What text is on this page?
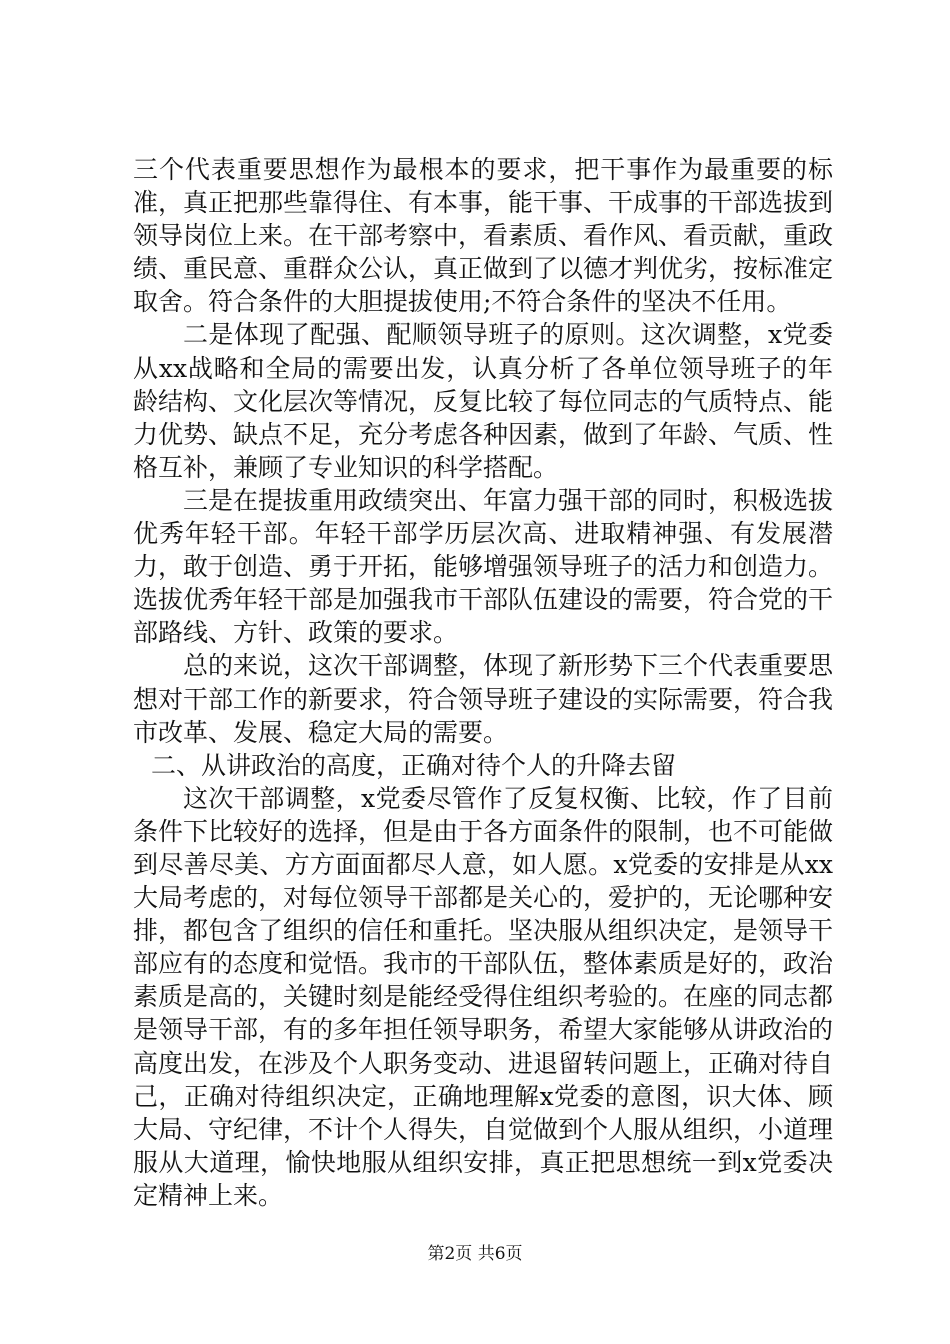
三个代表重要思想作为最根本的要求，把干事作为最重要的标准，真正把那些靠得住、有本事，能干事、干成事的干部选拔到领导岗位上来。在干部考察中，看素质、看作风、看贡献，重政绩、重民意、重群众公认，真正做到了以德才判优劣，按标准定取舍。符合条件的大胆提拔使用;不符合条件的坚决不任用。

二是体现了配强、配顺领导班子的原则。这次调整，x党委从xx战略和全局的需要出发，认真分析了各单位领导班子的年龄结构、文化层次等情况，反复比较了每位同志的气质特点、能力优势、缺点不足，充分考虑各种因素，做到了年龄、气质、性格互补，兼顾了专业知识的科学搭配。

三是在提拔重用政绩突出、年富力强干部的同时，积极选拔优秀年轻干部。年轻干部学历层次高、进取精神强、有发展潜力，敢于创造、勇于开拓，能够增强领导班子的活力和创造力。选拔优秀年轻干部是加强我市干部队伍建设的需要，符合党的干部路线、方针、政策的要求。

总的来说，这次干部调整，体现了新形势下三个代表重要思想对干部工作的新要求，符合领导班子建设的实际需要，符合我市改革、发展、稳定大局的需要。

二、从讲政治的高度，正确对待个人的升降去留

这次干部调整，x党委尽管作了反复权衡、比较，作了目前条件下比较好的选择，但是由于各方面条件的限制，也不可能做到尽善尽美、方方面面都尽人意，如人愿。x党委的安排是从xx大局考虑的，对每位领导干部都是关心的，爱护的，无论哪种安排，都包含了组织的信任和重托。坚决服从组织决定，是领导干部应有的态度和觉悟。我市的干部队伍，整体素质是好的，政治素质是高的，关键时刻是能经受得住组织考验的。在座的同志都是领导干部，有的多年担任领导职务，希望大家能够从讲政治的高度出发，在涉及个人职务变动、进退留转问题上，正确对待自己，正确对待组织决定，正确地理解x党委的意图，识大体、顾大局、守纪律，不计个人得失，自觉做到个人服从组织，小道理服从大道理，愉快地服从组织安排，真正把思想统一到x党委决定精神上来。

第2页 共6页
